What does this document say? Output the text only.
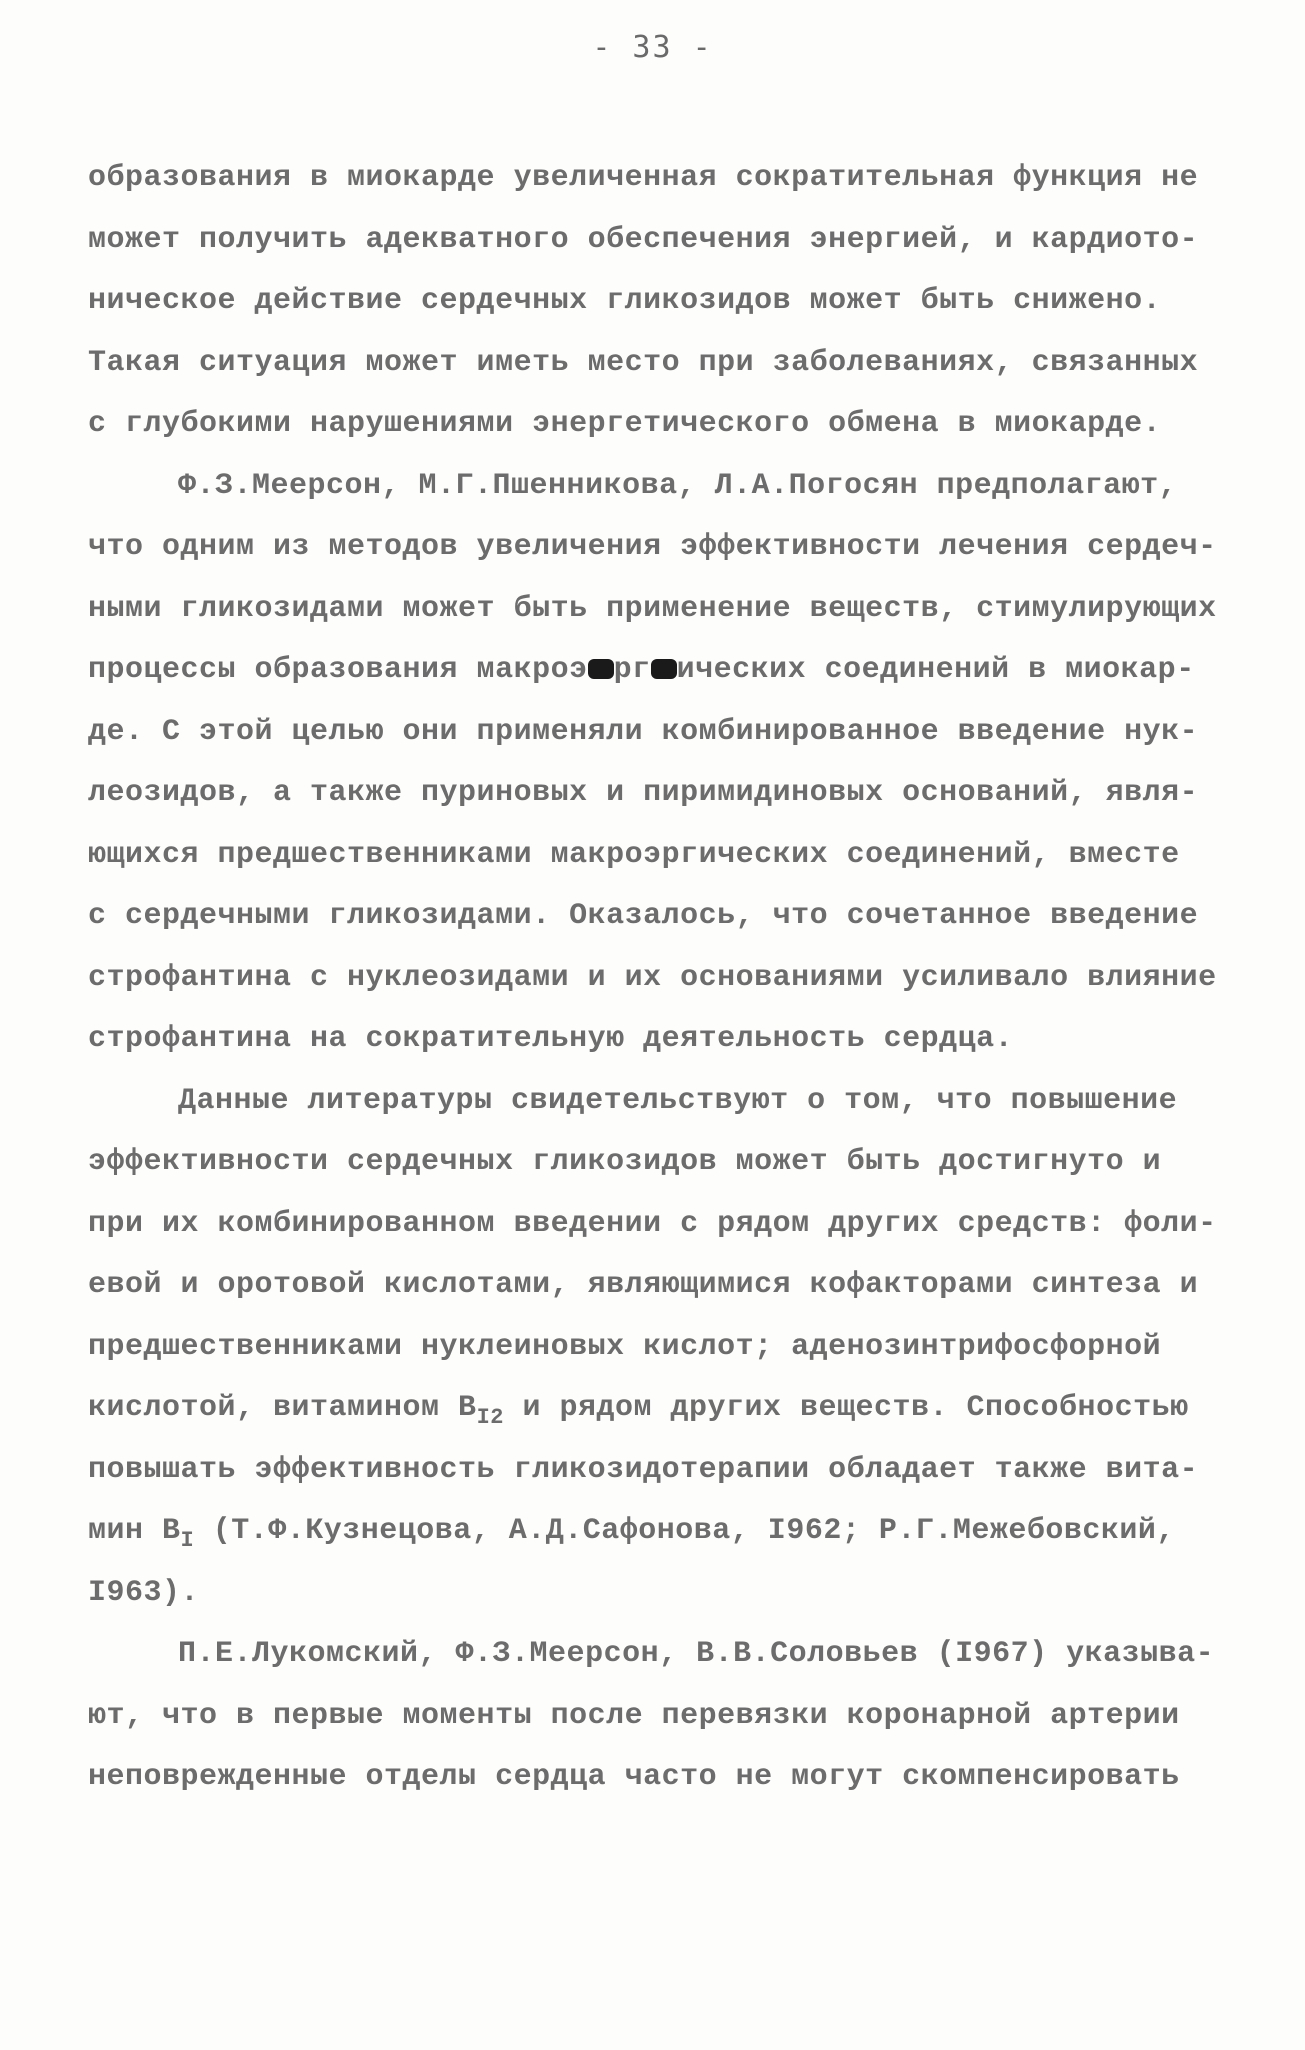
- 33 -
образования в миокарде увеличенная сократительная функция не
может получить адекватного обеспечения энергией, и кардиото-
ническое действие сердечных гликозидов может быть снижено.
Такая ситуация может иметь место при заболеваниях, связанных
с глубокими нарушениями энергетического обмена в миокарде.
Ф.З.Меерсон, М.Г.Пшенникова, Л.А.Погосян предполагают,
что одним из методов увеличения эффективности лечения сердеч-
ными гликозидами может быть применение веществ, стимулирующих
процессы образования макроэ рг ических соединений в миокар-
де. С этой целью они применяли комбинированное введение нук-
леозидов, а также пуриновых и пиримидиновых оснований, явля-
ющихся предшественниками макроэргических соединений, вместе
с сердечными гликозидами. Оказалось, что сочетанное введение
строфантина с нуклеозидами и их основаниями усиливало влияние
строфантина на сократительную деятельность сердца.
Данные литературы свидетельствуют о том, что повышение
эффективности сердечных гликозидов может быть достигнуто и
при их комбинированном введении с рядом других средств: фоли-
евой и оротовой кислотами, являющимися кофакторами синтеза и
предшественниками нуклеиновых кислот; аденозинтрифосфорной
кислотой, витамином $B_{I2}$ и рядом других веществ. Способностью
повышать эффективность гликозидотерапии обладает также вита-
мин $B_I$ (Т.Ф.Кузнецова, А.Д.Сафонова, I962; Р.Г.Межебовский,
I963).
П.Е.Лукомский, Ф.З.Меерсон, В.В.Соловьев (I967) указыва-
ют, что в первые моменты после перевязки коронарной артерии
неповрежденные отделы сердца часто не могут скомпенсировать
